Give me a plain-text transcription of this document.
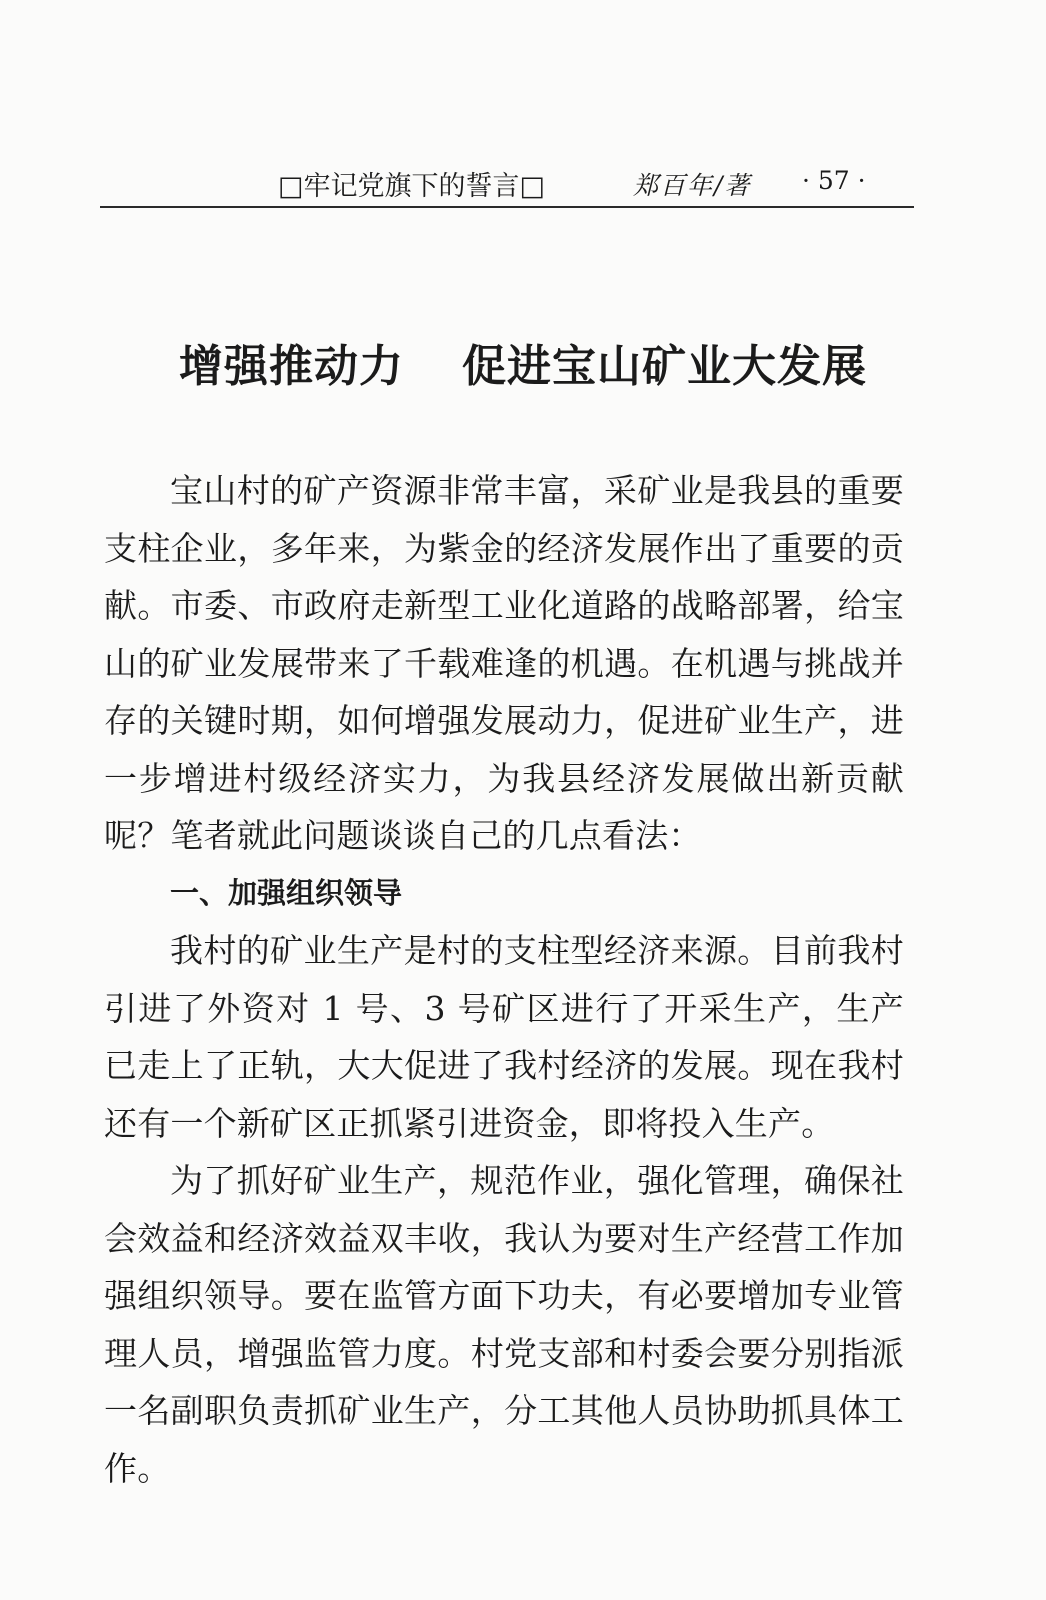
□牢记党旗下的誓言□	郑百年/著 · 57 ·
增强推动力 促进宝山矿业大发展

宝山村的矿产资源非常丰富，采矿业是我县的重要支柱企业，多年来，为紫金的经济发展作出了重要的贡献。市委、市政府走新型工业化道路的战略部署，给宝山的矿业发展带来了千载难逢的机遇。在机遇与挑战并存的关键时期，如何增强发展动力，促进矿业生产，进一步增进村级经济实力，为我县经济发展做出新贡献呢？笔者就此问题谈谈自己的几点看法：

一、加强组织领导

我村的矿业生产是村的支柱型经济来源。目前我村引进了外资对 1 号、3 号矿区进行了开采生产，生产已走上了正轨，大大促进了我村经济的发展。现在我村还有一个新矿区正抓紧引进资金，即将投入生产。

为了抓好矿业生产，规范作业，强化管理，确保社会效益和经济效益双丰收，我认为要对生产经营工作加强组织领导。要在监管方面下功夫，有必要增加专业管理人员，增强监管力度。村党支部和村委会要分别指派一名副职负责抓矿业生产，分工其他人员协助抓具体工作。
